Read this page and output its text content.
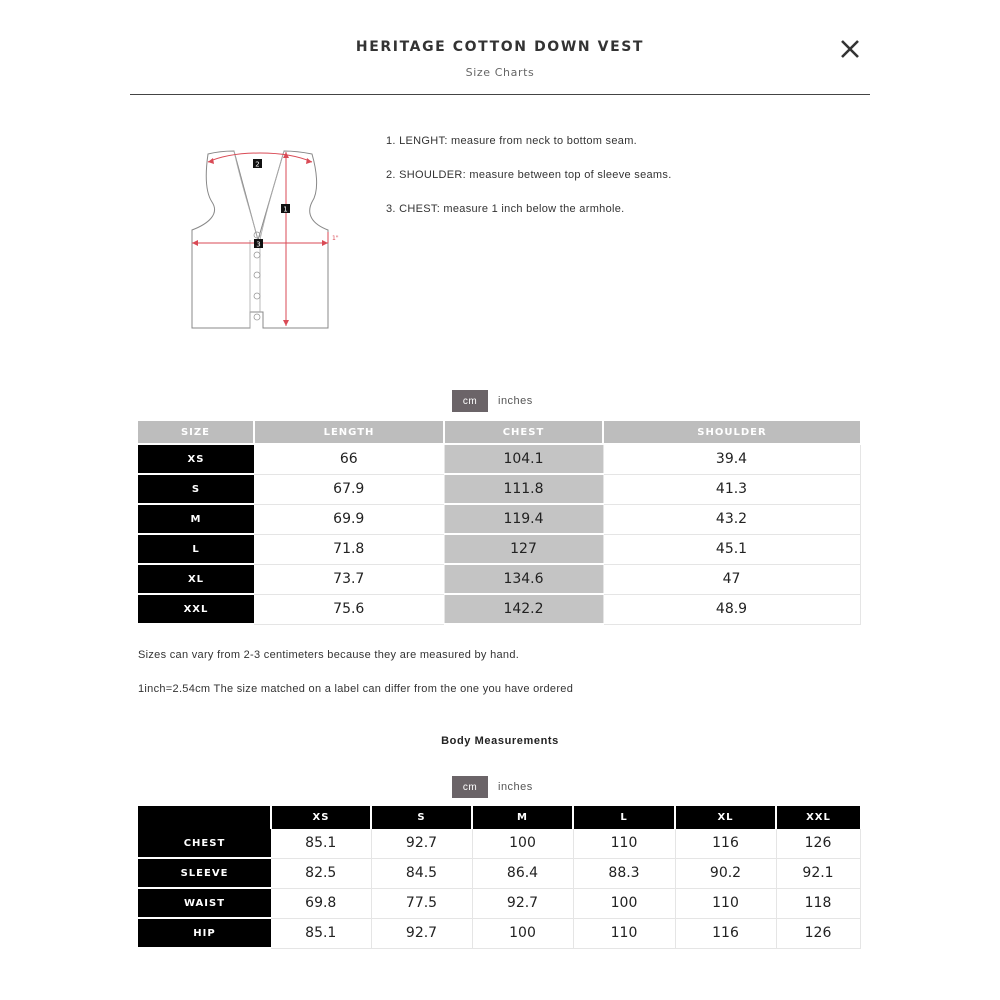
HERITAGE COTTON DOWN VEST
Size Charts
1"
2
1
3
1. LENGHT: measure from neck to bottom seam.
2. SHOULDER: measure between top of sleeve seams.
3. CHEST: measure 1 inch below the armhole.
cm	inches
SIZE	LENGTH	CHEST	SHOULDER
XS	66	104.1	39.4
S	67.9	111.8	41.3
M	69.9	119.4	43.2
L	71.8	127	45.1
XL	73.7	134.6	47
XXL	75.6	142.2	48.9
Sizes can vary from 2-3 centimeters because they are measured by hand.
1inch=2.54cm The size matched on a label can differ from the one you have ordered
Body Measurements
cm	inches
	XS	S	M	L	XL	XXL
CHEST	85.1	92.7	100	110	116	126
SLEEVE	82.5	84.5	86.4	88.3	90.2	92.1
WAIST	69.8	77.5	92.7	100	110	118
HIP	85.1	92.7	100	110	116	126
